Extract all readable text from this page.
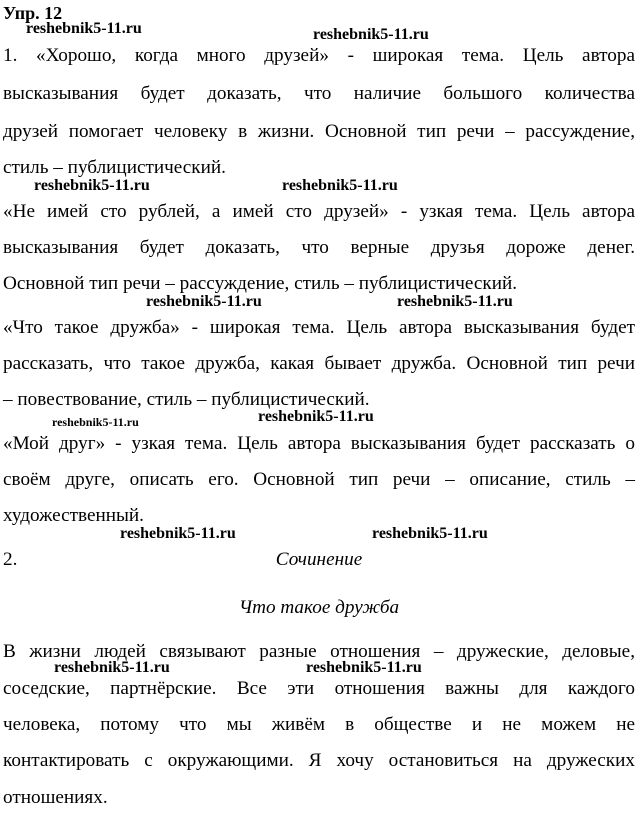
Упр. 12
reshebnik5-11.ru	reshebnik5-11.ru
reshebnik5-11.ru	reshebnik5-11.ru
reshebnik5-11.ru	reshebnik5-11.ru
reshebnik5-11.ru	reshebnik5-11.ru
reshebnik5-11.ru	reshebnik5-11.ru
reshebnik5-11.ru	reshebnik5-11.ru
1. «Хорошо, когда много друзей» - широкая тема. Цель автора
высказывания будет доказать, что наличие большого количества
друзей помогает человеку в жизни. Основной тип речи – рассуждение,
стиль – публицистический.
«Не имей сто рублей, а имей сто друзей» - узкая тема. Цель автора
высказывания будет доказать, что верные друзья дороже денег.
Основной тип речи – рассуждение, стиль – публицистический.
«Что такое дружба» - широкая тема. Цель автора высказывания будет
рассказать, что такое дружба, какая бывает дружба. Основной тип речи
– повествование, стиль – публицистический.
«Мой друг» - узкая тема. Цель автора высказывания будет рассказать о
своём друге, описать его. Основной тип речи – описание, стиль –
художественный.
2.	Сочинение
Что такое дружба
В жизни людей связывают разные отношения – дружеские, деловые,
соседские, партнёрские. Все эти отношения важны для каждого
человека, потому что мы живём в обществе и не можем не
контактировать с окружающими. Я хочу остановиться на дружеских
отношениях.
